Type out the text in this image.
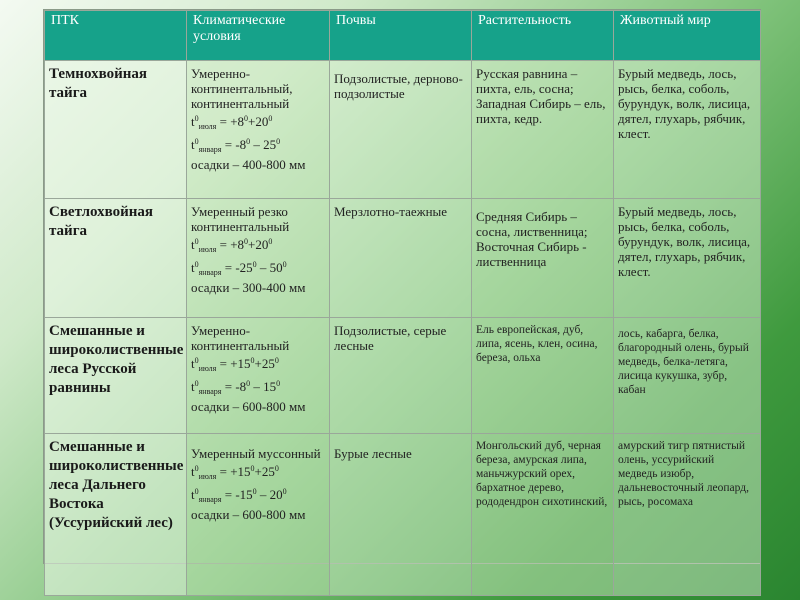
ПТК	Климатические условия	Почвы	Растительность	Животный мир
Темнохвойная тайга	Умеренно-континентальный, континентальный
$t^0_{июля} = +8^0+20^0$
$t^0_{января} = -8^0 - 25^0$
осадки – 400-800 мм	Подзолистые, дерново-подзолистые	Русская равнина – пихта, ель, сосна; Западная Сибирь – ель, пихта, кедр.	Бурый медведь, лось, рысь, белка, соболь, бурундук, волк, лисица, дятел, глухарь, рябчик, клест.

Светлохвойная тайга	Умеренный резко континентальный
$t^0_{июля} = +8^0+20^0$
$t^0_{января} = -25^0 - 50^0$
осадки – 300-400 мм	Мерзлотно-таежные	Средняя Сибирь – сосна, лиственница; Восточная Сибирь - лиственница	Бурый медведь, лось, рысь, белка, соболь, бурундук, волк, лисица, дятел, глухарь, рябчик, клест.

Смешанные и широколиственные леса Русской равнины	Умеренно-континентальный
$t^0_{июля} = +15^0+25^0$
$t^0_{января} = -8^0 - 15^0$
осадки – 600-800 мм	Подзолистые, серые лесные	Ель европейская, дуб, липа, ясень, клен, осина, береза, ольха	лось, кабарга, белка, благородный олень, бурый медведь, белка-летяга, лисица кукушка, зубр, кабан

Смешанные и широколиственные леса Дальнего Востока (Уссурийский лес)	Умеренный муссонный
$t^0_{июля} = +15^0+25^0$
$t^0_{января} = -15^0 - 20^0$
осадки – 600-800 мм	Бурые лесные	Монгольский дуб, черная береза, амурская липа, маньчжурский орех, бархатное дерево, рододендрон сихотинский,	амурский тигр пятнистый олень, уссурийский медведь изюбр, дальневосточный леопард, рысь, росомаха
